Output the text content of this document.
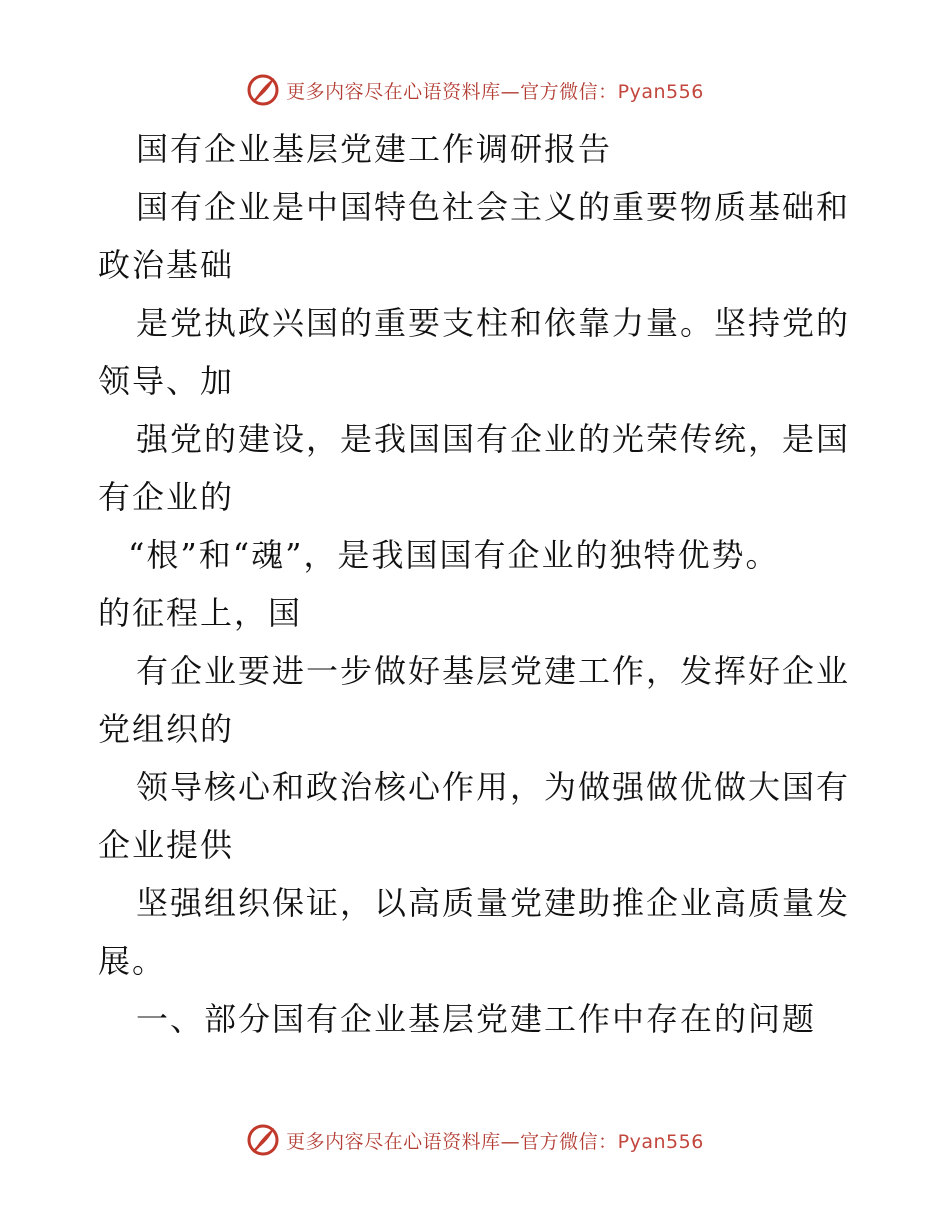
更多内容尽在心语资料库—官方微信：Pyan556
国有企业基层党建工作调研报告
国有企业是中国特色社会主义的重要物质基础和
政治基础
是党执政兴国的重要支柱和依靠力量。坚持党的
领导、加
强党的建设，是我国国有企业的光荣传统，是国
有企业的
“根”和“魂”，是我国国有企业的独特优势。
的征程上，国
有企业要进一步做好基层党建工作，发挥好企业
党组织的
领导核心和政治核心作用，为做强做优做大国有
企业提供
坚强组织保证，以高质量党建助推企业高质量发
展。
一、部分国有企业基层党建工作中存在的问题
更多内容尽在心语资料库—官方微信：Pyan556
